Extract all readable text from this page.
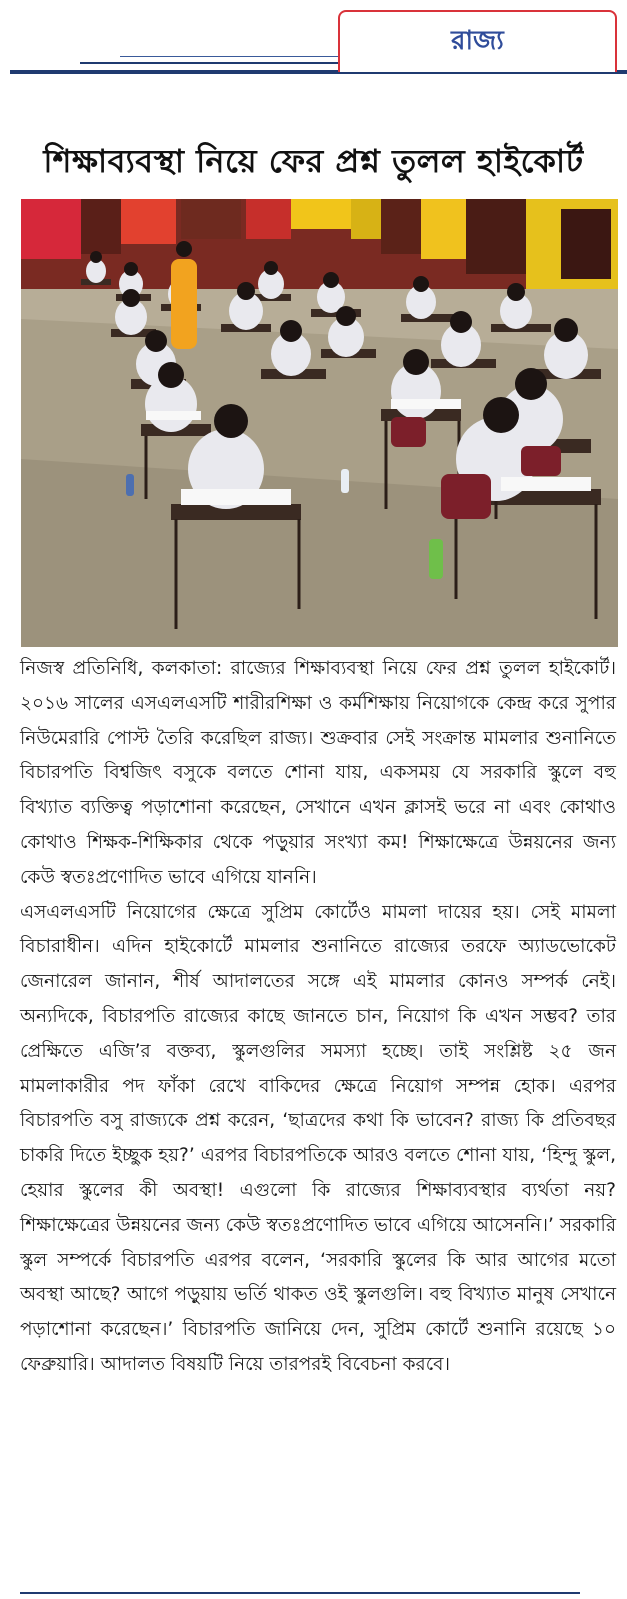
রাজ্য
শিক্ষাব্যবস্থা নিয়ে ফের প্রশ্ন তুলল হাইকোর্ট

নিজস্ব প্রতিনিধি, কলকাতা: রাজ্যের শিক্ষাব্যবস্থা নিয়ে ফের প্রশ্ন তুলল হাইকোর্ট। ২০১৬ সালের এসএলএসটি শারীরশিক্ষা ও কর্মশিক্ষায় নিয়োগকে কেন্দ্র করে সুপার নিউমেরারি পোস্ট তৈরি করেছিল রাজ্য। শুক্রবার সেই সংক্রান্ত মামলার শুনানিতে বিচারপতি বিশ্বজিৎ বসুকে বলতে শোনা যায়, একসময় যে সরকারি স্কুলে বহু বিখ্যাত ব্যক্তিত্ব পড়াশোনা করেছেন, সেখানে এখন ক্লাসই ভরে না এবং কোথাও কোথাও শিক্ষক-শিক্ষিকার থেকে পড়ুয়ার সংখ্যা কম! শিক্ষাক্ষেত্রে উন্নয়নের জন্য কেউ স্বতঃপ্রণোদিত ভাবে এগিয়ে যাননি।

এসএলএসটি নিয়োগের ক্ষেত্রে সুপ্রিম কোর্টেও মামলা দায়ের হয়। সেই মামলা বিচারাধীন। এদিন হাইকোর্টে মামলার শুনানিতে রাজ্যের তরফে অ্যাডভোকেট জেনারেল জানান, শীর্ষ আদালতের সঙ্গে এই মামলার কোনও সম্পর্ক নেই। অন্যদিকে, বিচারপতি রাজ্যের কাছে জানতে চান, নিয়োগ কি এখন সম্ভব? তার প্রেক্ষিতে এজি’র বক্তব্য, স্কুলগুলির সমস্যা হচ্ছে। তাই সংশ্লিষ্ট ২৫ জন মামলাকারীর পদ ফাঁকা রেখে বাকিদের ক্ষেত্রে নিয়োগ সম্পন্ন হোক। এরপর বিচারপতি বসু রাজ্যকে প্রশ্ন করেন, ‘ছাত্রদের কথা কি ভাবেন? রাজ্য কি প্রতিবছর চাকরি দিতে ইচ্ছুক হয়?’ এরপর বিচারপতিকে আরও বলতে শোনা যায়, ‘হিন্দু স্কুল, হেয়ার স্কুলের কী অবস্থা! এগুলো কি রাজ্যের শিক্ষাব্যবস্থার ব্যর্থতা নয়? শিক্ষাক্ষেত্রের উন্নয়নের জন্য কেউ স্বতঃপ্রণোদিত ভাবে এগিয়ে আসেননি।’ সরকারি স্কুল সম্পর্কে বিচারপতি এরপর বলেন, ‘সরকারি স্কুলের কি আর আগের মতো অবস্থা আছে? আগে পড়ুয়ায় ভর্তি থাকত ওই স্কুলগুলি। বহু বিখ্যাত মানুষ সেখানে পড়াশোনা করেছেন।’ বিচারপতি জানিয়ে দেন, সুপ্রিম কোর্টে শুনানি রয়েছে ১০ ফেব্রুয়ারি। আদালত বিষয়টি নিয়ে তারপরই বিবেচনা করবে।
